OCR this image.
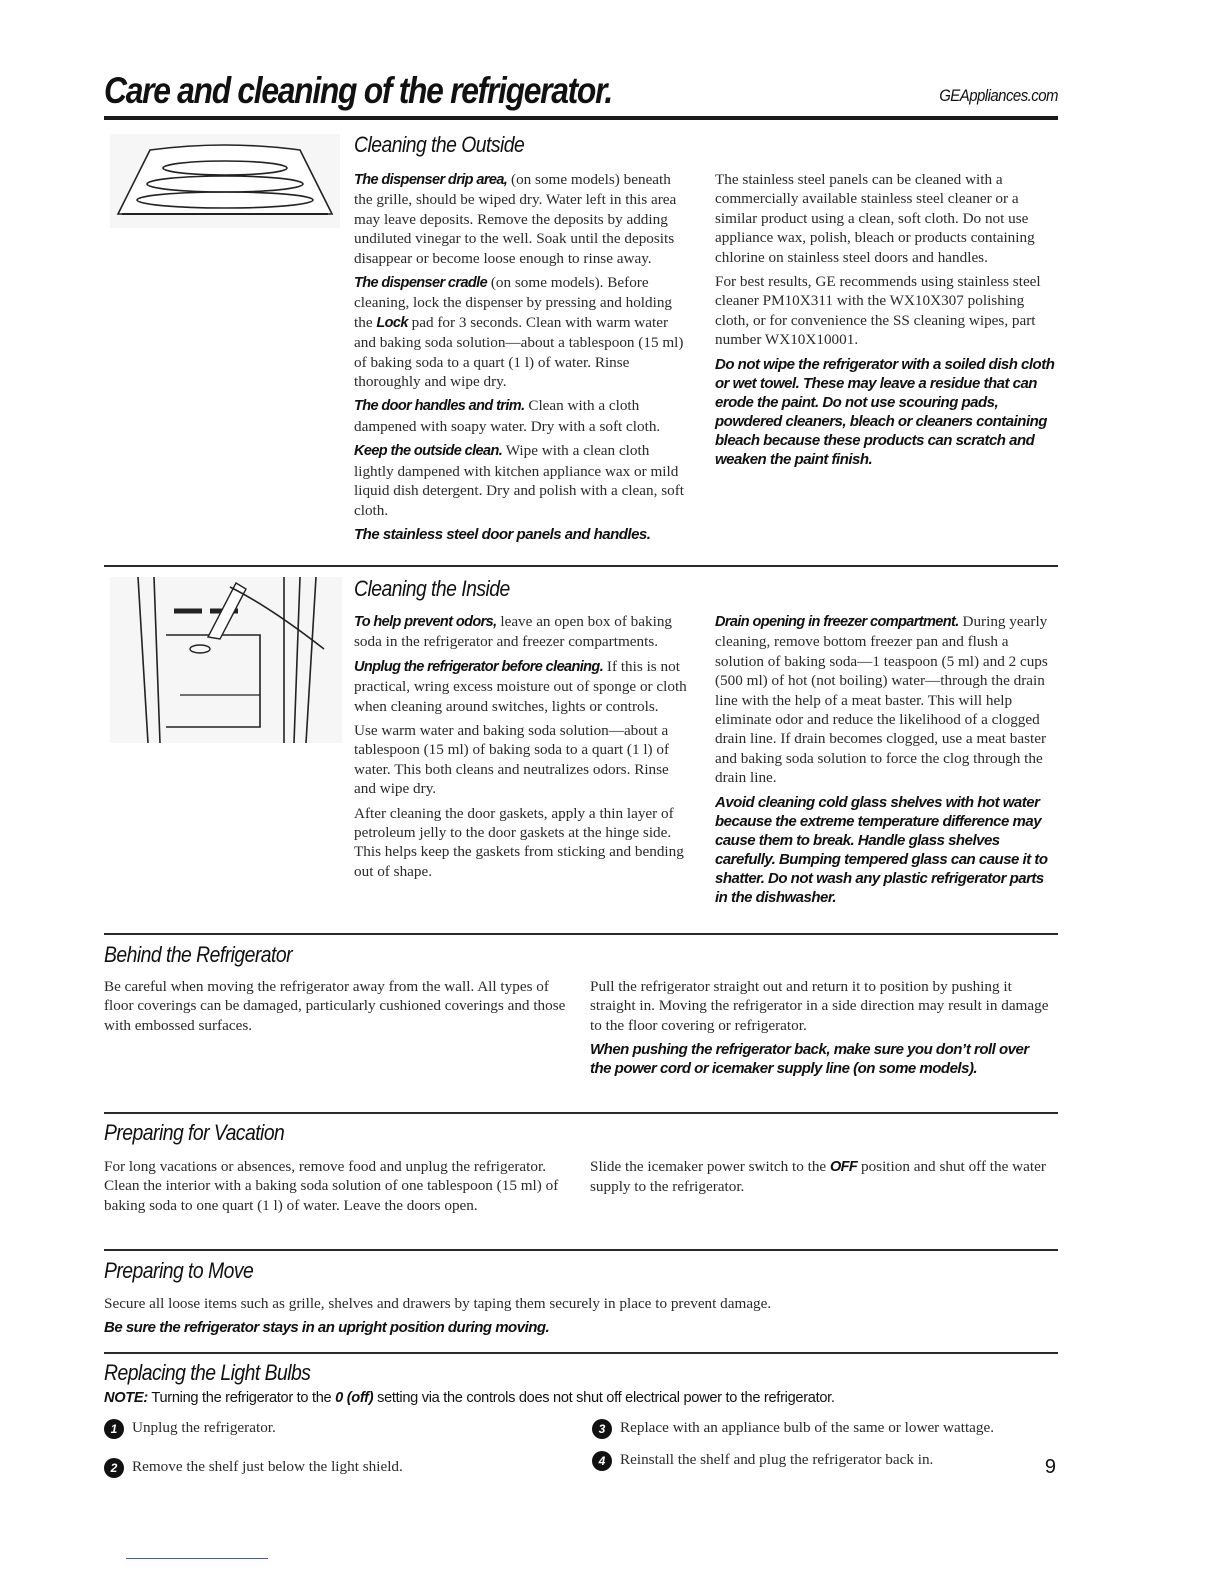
Care and cleaning of the refrigerator.	GEAppliances.com
Cleaning the Outside

The dispenser drip area, (on some models) beneath the grille, should be wiped dry. Water left in this area may leave deposits. Remove the deposits by adding undiluted vinegar to the well. Soak until the deposits disappear or become loose enough to rinse away.

The dispenser cradle (on some models). Before cleaning, lock the dispenser by pressing and holding the Lock pad for 3 seconds. Clean with warm water and baking soda solution—about a tablespoon (15 ml) of baking soda to a quart (1 l) of water. Rinse thoroughly and wipe dry.

The door handles and trim. Clean with a cloth dampened with soapy water. Dry with a soft cloth.

Keep the outside clean. Wipe with a clean cloth lightly dampened with kitchen appliance wax or mild liquid dish detergent. Dry and polish with a clean, soft cloth.

The stainless steel door panels and handles.

The stainless steel panels can be cleaned with a commercially available stainless steel cleaner or a similar product using a clean, soft cloth. Do not use appliance wax, polish, bleach or products containing chlorine on stainless steel doors and handles.

For best results, GE recommends using stainless steel cleaner PM10X311 with the WX10X307 polishing cloth, or for convenience the SS cleaning wipes, part number WX10X10001.

Do not wipe the refrigerator with a soiled dish cloth or wet towel. These may leave a residue that can erode the paint. Do not use scouring pads, powdered cleaners, bleach or cleaners containing bleach because these products can scratch and weaken the paint finish.

Cleaning the Inside

To help prevent odors, leave an open box of baking soda in the refrigerator and freezer compartments.

Unplug the refrigerator before cleaning. If this is not practical, wring excess moisture out of sponge or cloth when cleaning around switches, lights or controls.

Use warm water and baking soda solution—about a tablespoon (15 ml) of baking soda to a quart (1 l) of water. This both cleans and neutralizes odors. Rinse and wipe dry.

After cleaning the door gaskets, apply a thin layer of petroleum jelly to the door gaskets at the hinge side. This helps keep the gaskets from sticking and bending out of shape.

Drain opening in freezer compartment. During yearly cleaning, remove bottom freezer pan and flush a solution of baking soda—1 teaspoon (5 ml) and 2 cups (500 ml) of hot (not boiling) water—through the drain line with the help of a meat baster. This will help eliminate odor and reduce the likelihood of a clogged drain line. If drain becomes clogged, use a meat baster and baking soda solution to force the clog through the drain line.

Avoid cleaning cold glass shelves with hot water because the extreme temperature difference may cause them to break. Handle glass shelves carefully. Bumping tempered glass can cause it to shatter. Do not wash any plastic refrigerator parts in the dishwasher.

Behind the Refrigerator

Be careful when moving the refrigerator away from the wall. All types of floor coverings can be damaged, particularly cushioned coverings and those with embossed surfaces.

Pull the refrigerator straight out and return it to position by pushing it straight in. Moving the refrigerator in a side direction may result in damage to the floor covering or refrigerator.

When pushing the refrigerator back, make sure you don’t roll over the power cord or icemaker supply line (on some models).

Preparing for Vacation

For long vacations or absences, remove food and unplug the refrigerator. Clean the interior with a baking soda solution of one tablespoon (15 ml) of baking soda to one quart (1 l) of water. Leave the doors open.

Slide the icemaker power switch to the OFF position and shut off the water supply to the refrigerator.

Preparing to Move

Secure all loose items such as grille, shelves and drawers by taping them securely in place to prevent damage.

Be sure the refrigerator stays in an upright position during moving.

Replacing the Light Bulbs
NOTE: Turning the refrigerator to the 0 (off) setting via the controls does not shut off electrical power to the refrigerator.
1 Unplug the refrigerator.
2 Remove the shelf just below the light shield.
3 Replace with an appliance bulb of the same or lower wattage.
4 Reinstall the shelf and plug the refrigerator back in.	9
